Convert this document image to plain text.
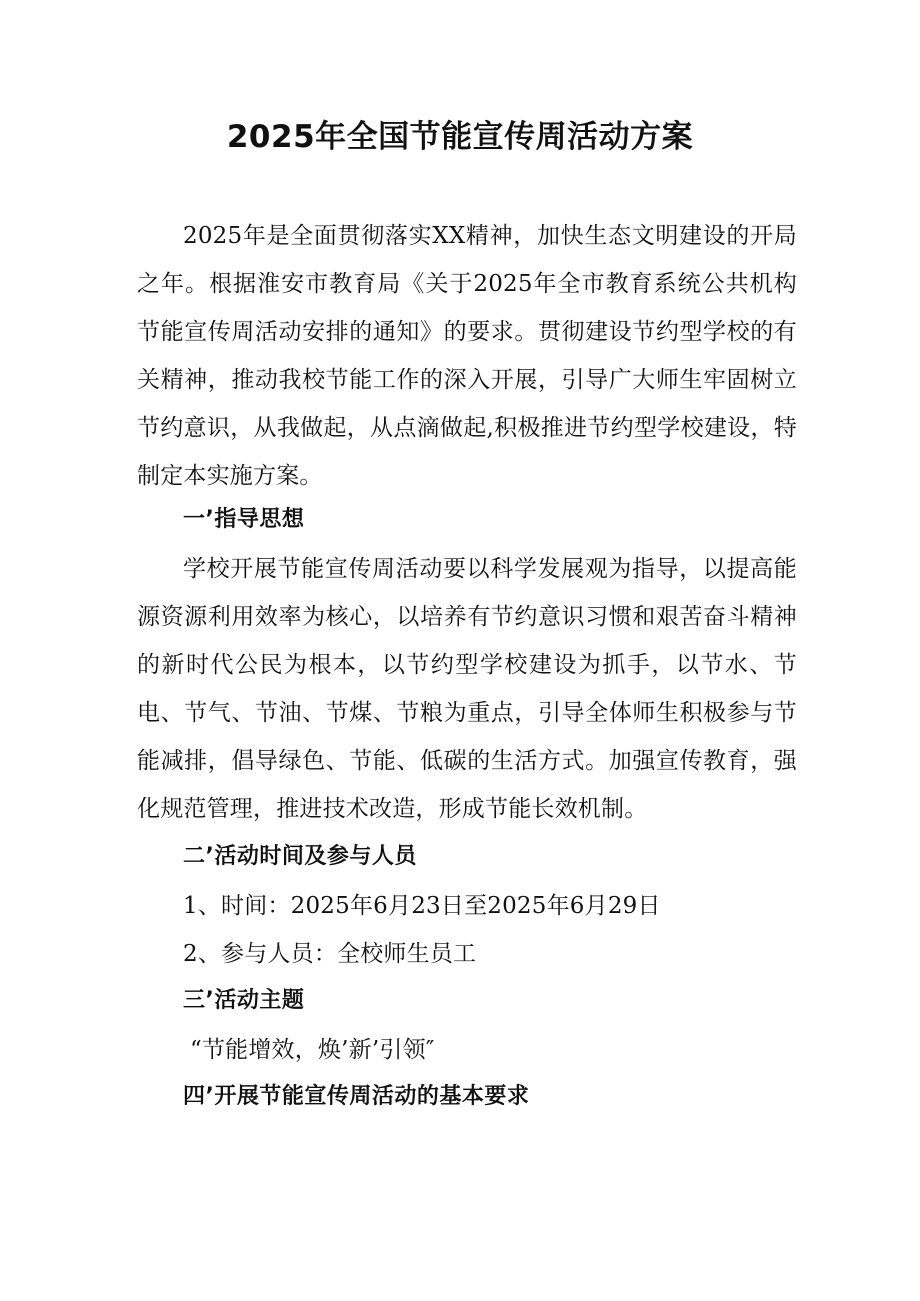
2025年全国节能宣传周活动方案

2025年是全面贯彻落实XX精神，加快生态文明建设的开局之年。根据淮安市教育局《关于2025年全市教育系统公共机构节能宣传周活动安排的通知》的要求。贯彻建设节约型学校的有关精神，推动我校节能工作的深入开展，引导广大师生牢固树立节约意识，从我做起，从点滴做起,积极推进节约型学校建设，特制定本实施方案。

一’指导思想

学校开展节能宣传周活动要以科学发展观为指导，以提高能源资源利用效率为核心，以培养有节约意识习惯和艰苦奋斗精神的新时代公民为根本，以节约型学校建设为抓手，以节水、节电、节气、节油、节煤、节粮为重点，引导全体师生积极参与节能减排，倡导绿色、节能、低碳的生活方式。加强宣传教育，强化规范管理，推进技术改造，形成节能长效机制。

二’活动时间及参与人员

1、时间：2025年6月23日至2025年6月29日

2、参与人员：全校师生员工

三’活动主题

“节能增效，焕’新’引领″

四’开展节能宣传周活动的基本要求
